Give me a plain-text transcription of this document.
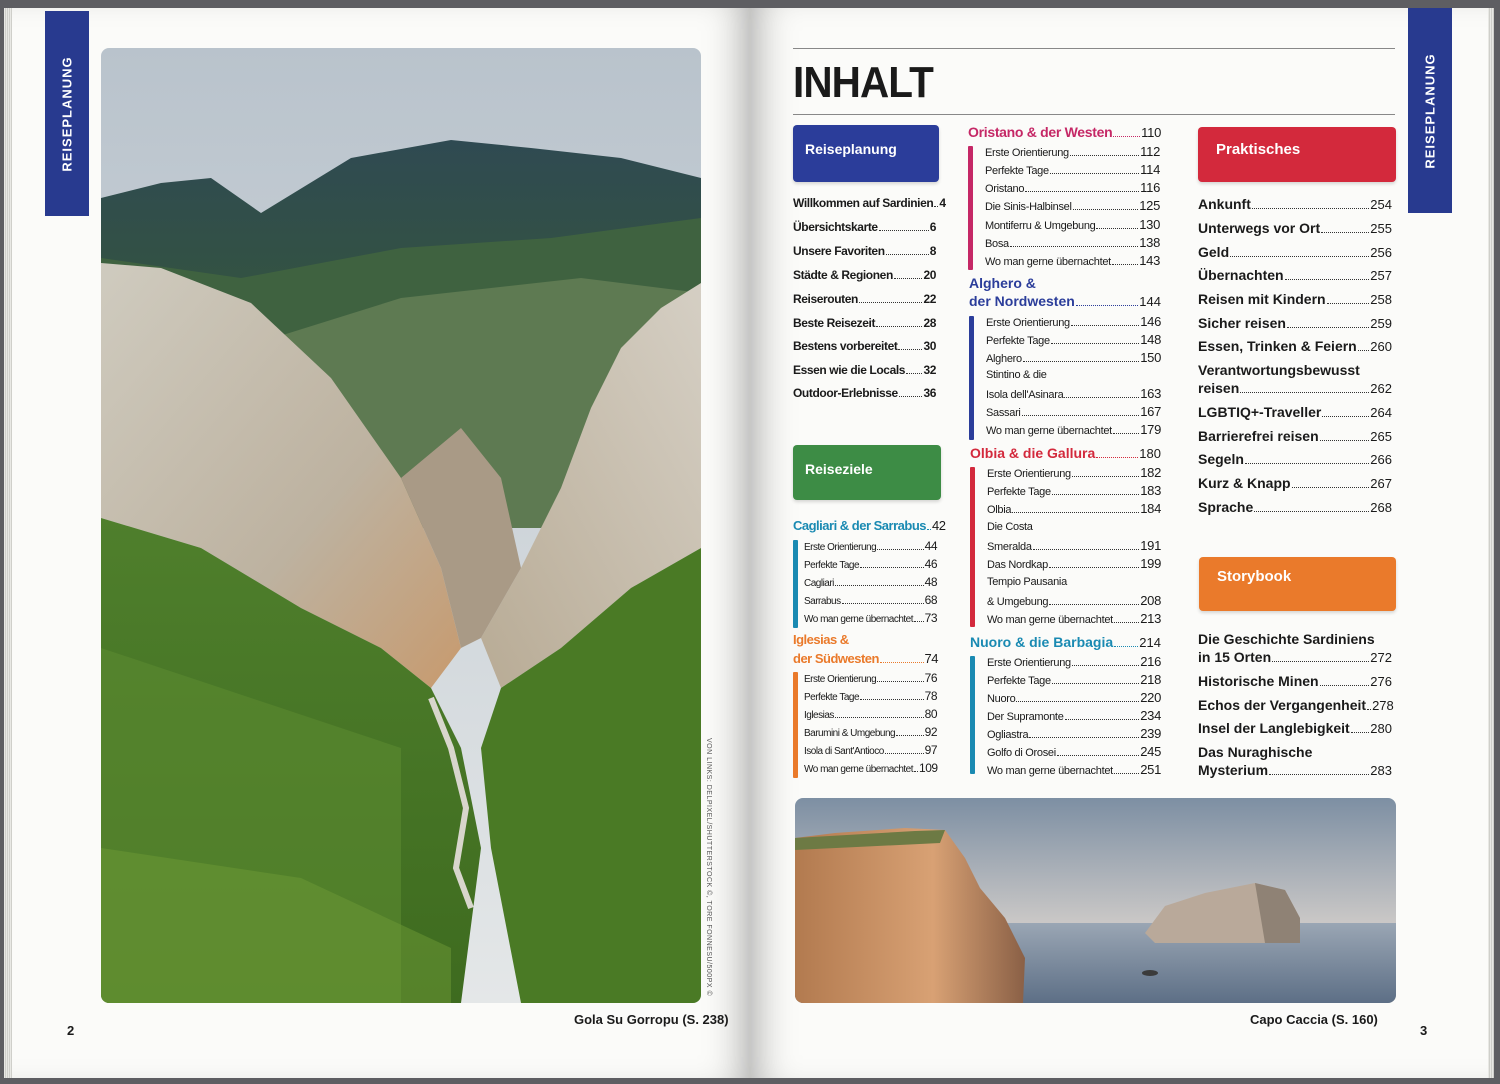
REISEPLANUNG
VON LINKS: DELPIXEL/SHUTTERSTOCK ©, TORE FONNESU/500PX ©
Gola Su Gorropu (S. 238)
2
REISEPLANUNG
INHALT
Reiseplanung
Willkommen auf Sardinien 4
Übersichtskarte	6
Unsere Favoriten	8
Städte & Regionen	20
Reiserouten	22
Beste Reisezeit	28
Bestens vorbereitet 30
Essen wie die Locals 32
Outdoor-Erlebnisse 36
Reiseziele
Cagliari & der Sarrabus 42
Erste Orientierung	44
Perfekte Tage	46
Cagliari	48
Sarrabus	68
Wo man gerne übernachtet 73
Iglesias &
der Südwesten	74
Erste Orientierung	76
Perfekte Tage	78
Iglesias	80
Barumini & Umgebung 92
Isola di Sant'Antioco	97
Wo man gerne übernachtet 109
Oristano & der Westen 110
Erste Orientierung	112
Perfekte Tage	114
Oristano	116
Die Sinis-Halbinsel	125
Montiferru & Umgebung	130
Bosa	138
Wo man gerne übernachtet 143
Alghero &
der Nordwesten	144
Erste Orientierung	146
Perfekte Tage	148
Alghero	150
Stintino & die
Isola dell'Asinara	163
Sassari	167
Wo man gerne übernachtet 179
Olbia & die Gallura	180
Erste Orientierung	182
Perfekte Tage	183
Olbia	184
Die Costa
Smeralda	191
Das Nordkap	199
Tempio Pausania
& Umgebung	208
Wo man gerne übernachtet 213
Nuoro & die Barbagia 214
Erste Orientierung	216
Perfekte Tage	218
Nuoro	220
Der Supramonte	234
Ogliastra	239
Golfo di Orosei	245
Wo man gerne übernachtet 251
Praktisches
Ankunft	254
Unterwegs vor Ort	255
Geld	256
Übernachten	257
Reisen mit Kindern	258
Sicher reisen	259
Essen, Trinken & Feiern 260
Verantwortungsbewusst
reisen	262
LGBTIQ+-Traveller	264
Barrierefrei reisen	265
Segeln	266
Kurz & Knapp	267
Sprache	268
Storybook
Die Geschichte Sardiniens
in 15 Orten	272
Historische Minen	276
Echos der Vergangenheit 278
Insel der Langlebigkeit 280
Das Nuraghische
Mysterium	283
Capo Caccia (S. 160)
3
